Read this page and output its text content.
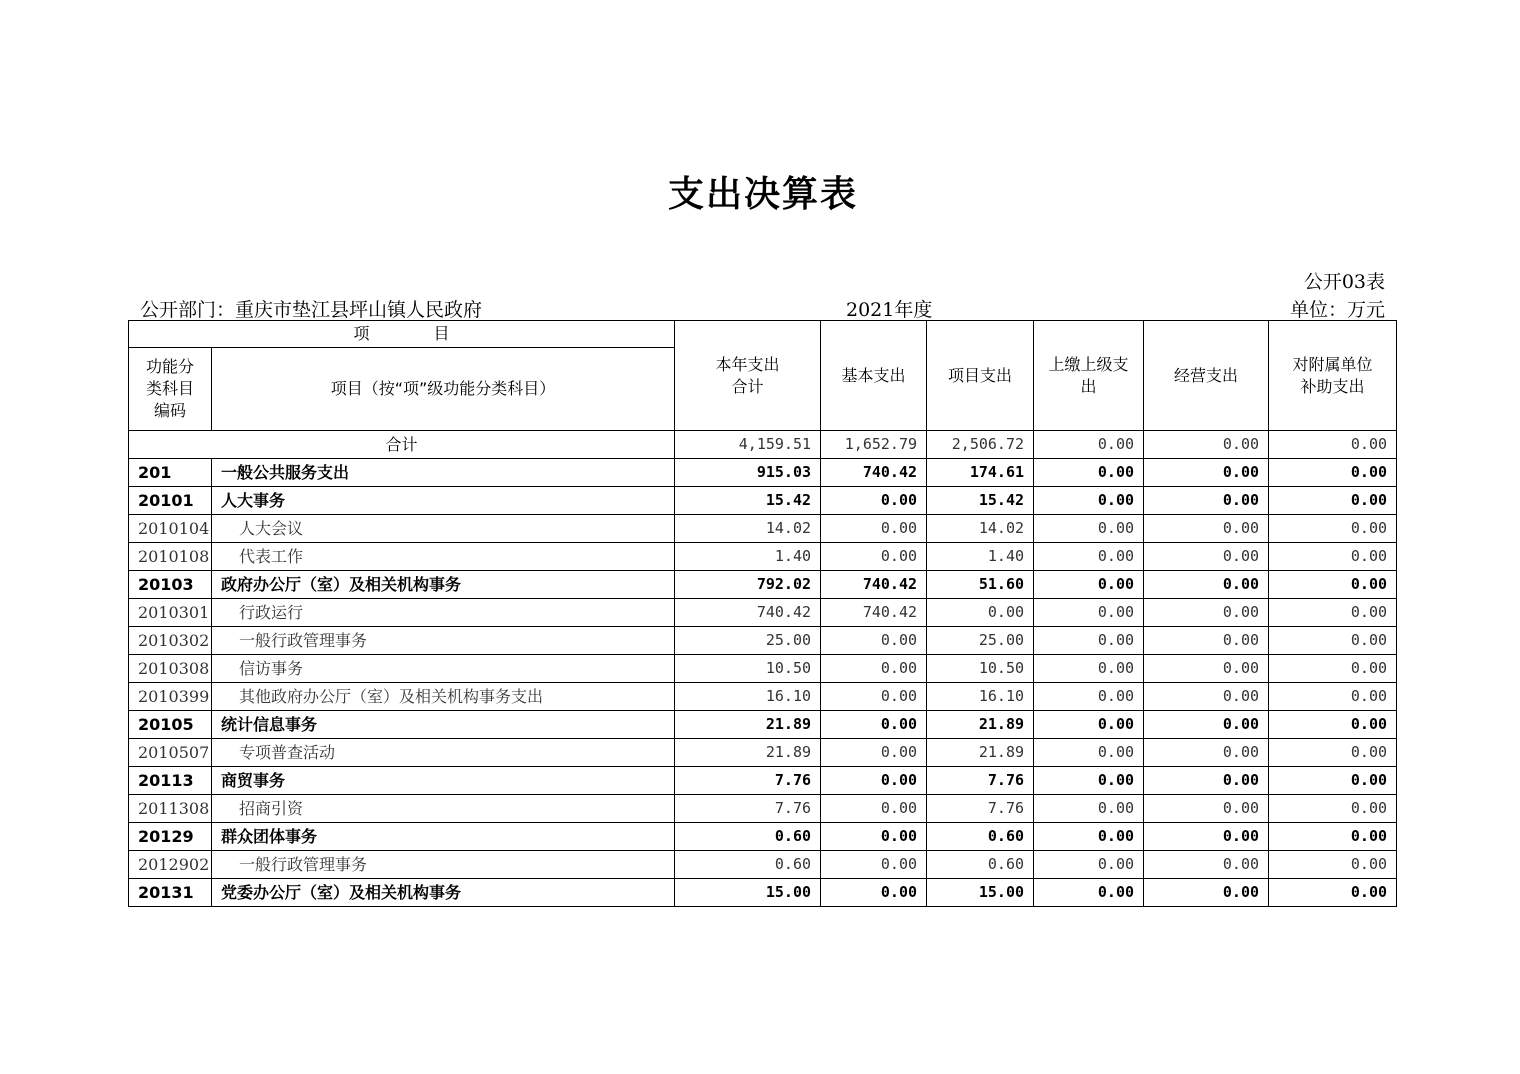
支出决算表
公开03表
公开部门：重庆市垫江县坪山镇人民政府	2021年度	单位：万元
项　　　　目		本年支出合计	基本支出	项目支出	上缴上级支出	经营支出	对附属单位补助支出
功能分类科目编码	项目（按“项”级功能分类科目）						
合计		4,159.51	1,652.79	2,506.72	0.00	0.00	0.00
201	一般公共服务支出	915.03	740.42	174.61	0.00	0.00	0.00
20101	人大事务	15.42	0.00	15.42	0.00	0.00	0.00
2010104	人大会议	14.02	0.00	14.02	0.00	0.00	0.00
2010108	代表工作	1.40	0.00	1.40	0.00	0.00	0.00
20103	政府办公厅（室）及相关机构事务	792.02	740.42	51.60	0.00	0.00	0.00
2010301	行政运行	740.42	740.42	0.00	0.00	0.00	0.00
2010302	一般行政管理事务	25.00	0.00	25.00	0.00	0.00	0.00
2010308	信访事务	10.50	0.00	10.50	0.00	0.00	0.00
2010399	其他政府办公厅（室）及相关机构事务支出	16.10	0.00	16.10	0.00	0.00	0.00
20105	统计信息事务	21.89	0.00	21.89	0.00	0.00	0.00
2010507	专项普查活动	21.89	0.00	21.89	0.00	0.00	0.00
20113	商贸事务	7.76	0.00	7.76	0.00	0.00	0.00
2011308	招商引资	7.76	0.00	7.76	0.00	0.00	0.00
20129	群众团体事务	0.60	0.00	0.60	0.00	0.00	0.00
2012902	一般行政管理事务	0.60	0.00	0.60	0.00	0.00	0.00
20131	党委办公厅（室）及相关机构事务	15.00	0.00	15.00	0.00	0.00	0.00
